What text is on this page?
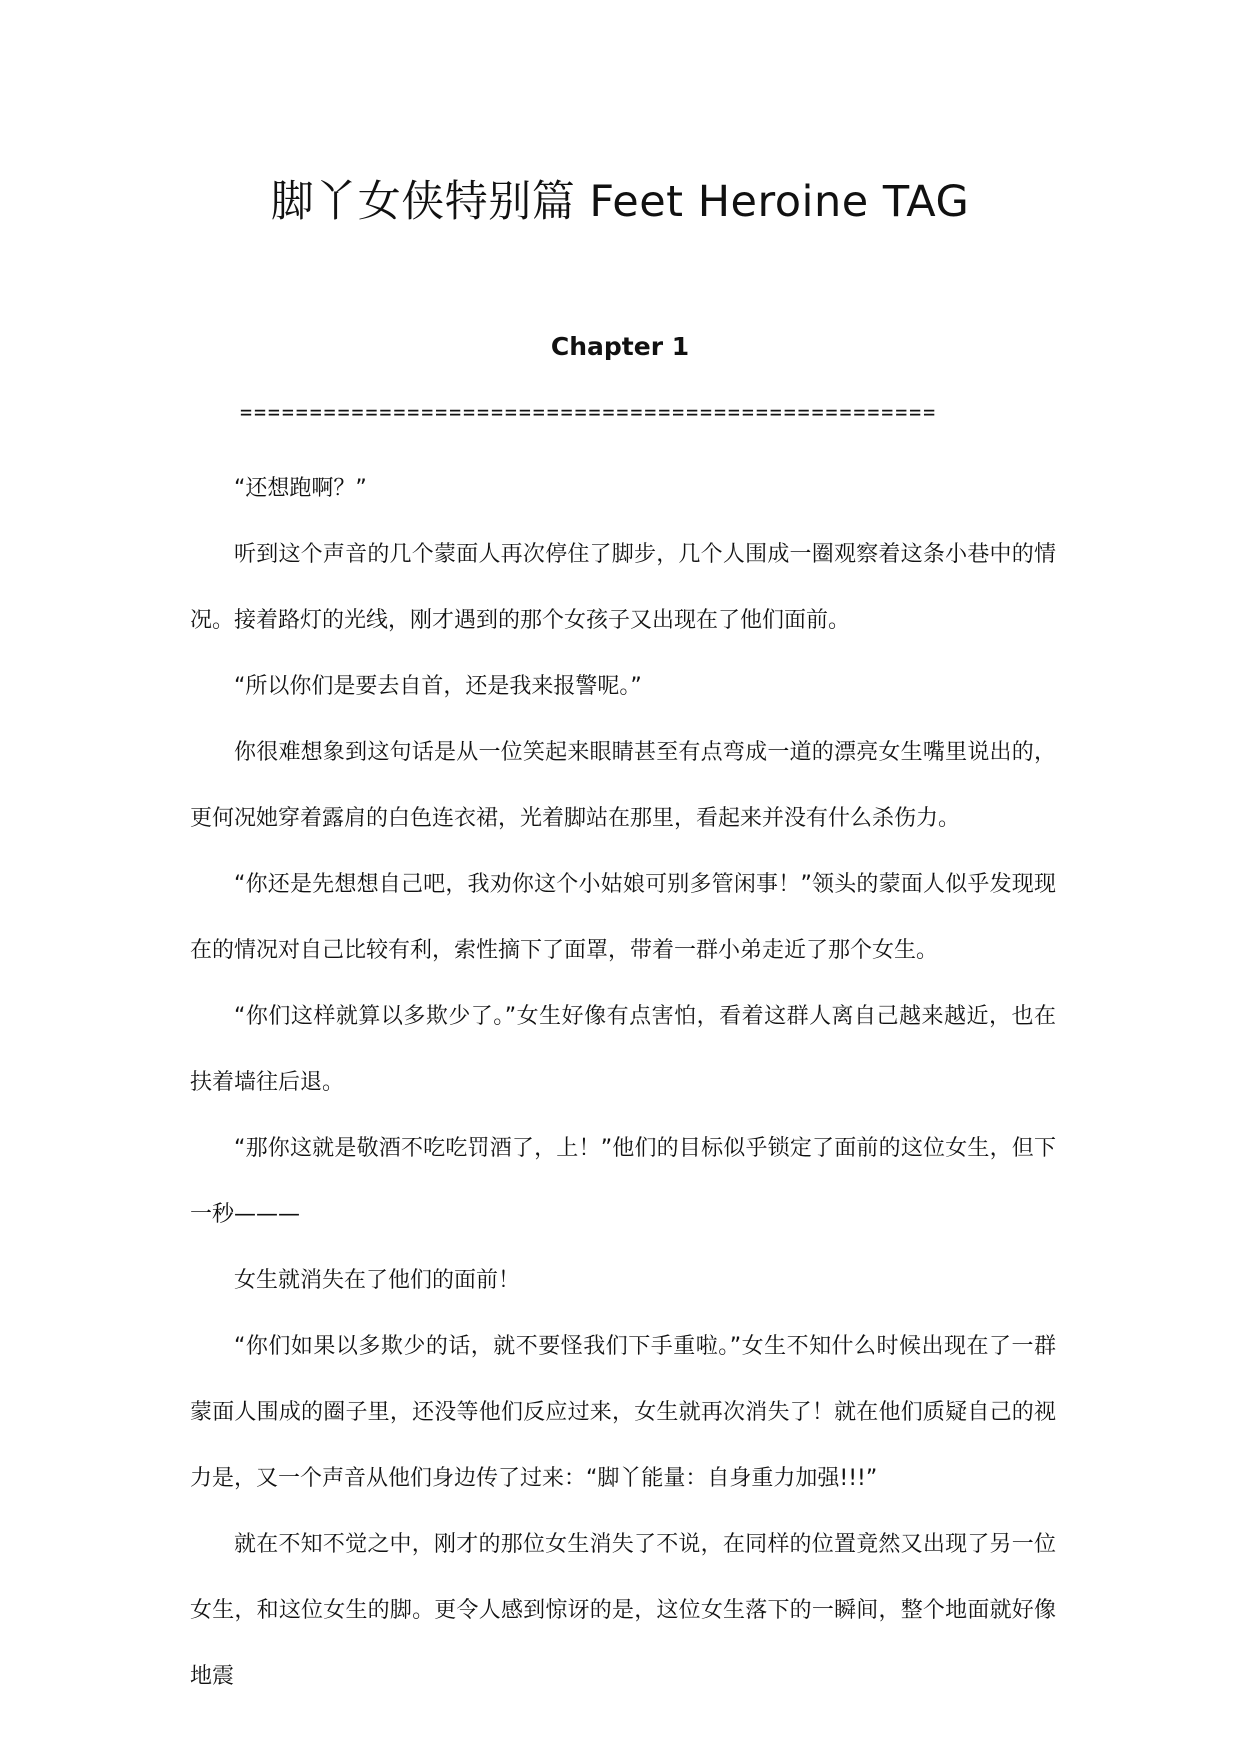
脚丫女侠特别篇 Feet Heroine TAG
Chapter 1
==================================================

“还想跑啊？”

听到这个声音的几个蒙面人再次停住了脚步，几个人围成一圈观察着这条小巷中的情况。接着路灯的光线，刚才遇到的那个女孩子又出现在了他们面前。

“所以你们是要去自首，还是我来报警呢。”

你很难想象到这句话是从一位笑起来眼睛甚至有点弯成一道的漂亮女生嘴里说出的，更何况她穿着露肩的白色连衣裙，光着脚站在那里，看起来并没有什么杀伤力。

“你还是先想想自己吧，我劝你这个小姑娘可别多管闲事！”领头的蒙面人似乎发现现在的情况对自己比较有利，索性摘下了面罩，带着一群小弟走近了那个女生。

“你们这样就算以多欺少了。”女生好像有点害怕，看着这群人离自己越来越近，也在扶着墙往后退。

“那你这就是敬酒不吃吃罚酒了，上！”他们的目标似乎锁定了面前的这位女生，但下一秒———

女生就消失在了他们的面前！

“你们如果以多欺少的话，就不要怪我们下手重啦。”女生不知什么时候出现在了一群蒙面人围成的圈子里，还没等他们反应过来，女生就再次消失了！就在他们质疑自己的视力是，又一个声音从他们身边传了过来：“脚丫能量：自身重力加强!!!”

就在不知不觉之中，刚才的那位女生消失了不说，在同样的位置竟然又出现了另一位女生，和这位女生的脚。更令人感到惊讶的是，这位女生落下的一瞬间，整个地面就好像地震
